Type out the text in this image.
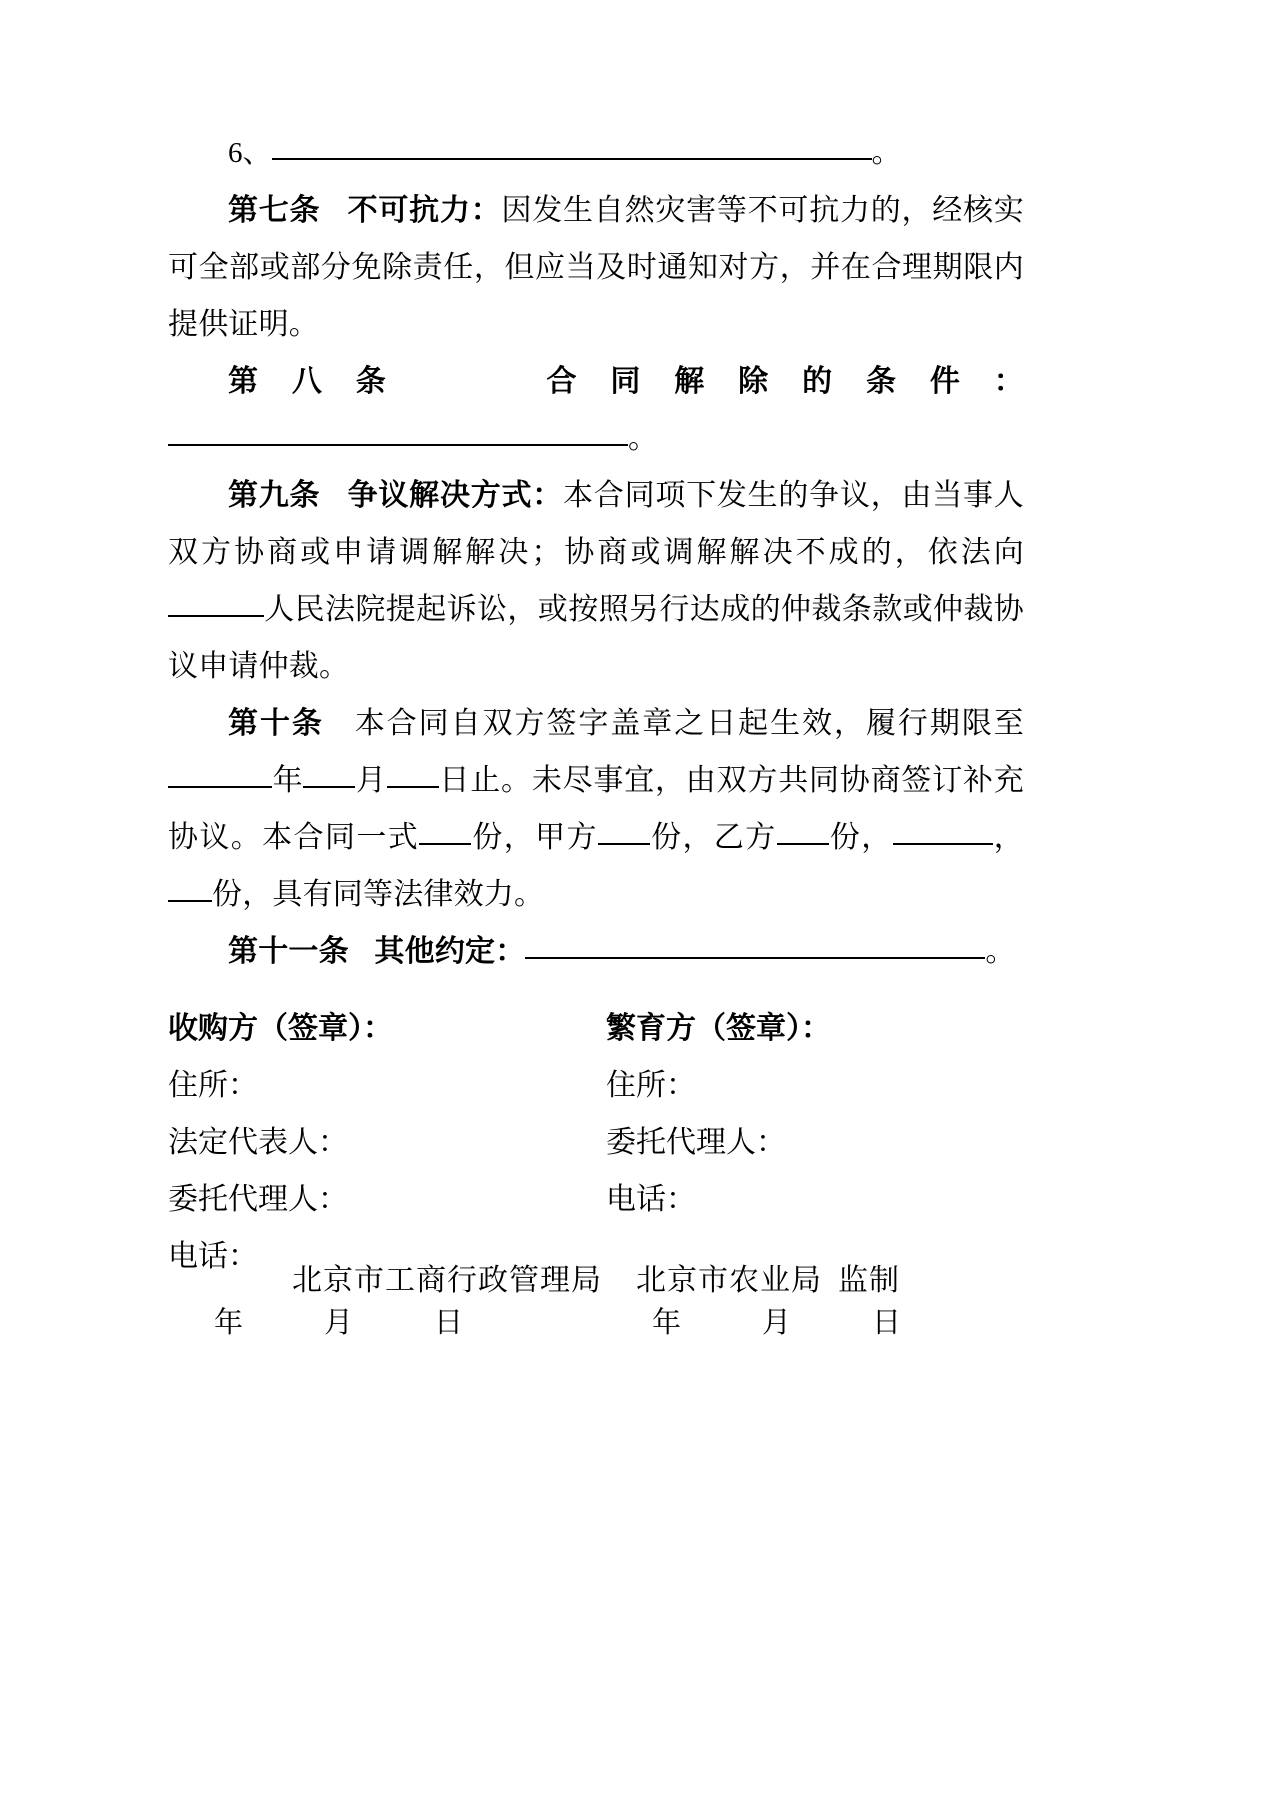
6、	。

第七条 不可抗力：因发生自然灾害等不可抗力的，经核实可全部或部分免除责任，但应当及时通知对方，并在合理期限内提供证明。

第八条	合同解除的条件：。

第九条 争议解决方式：本合同项下发生的争议，由当事人双方协商或申请调解解决；协商或调解解决不成的，依法向人民法院提起诉讼，或按照另行达成的仲裁条款或仲裁协议申请仲裁。

第十条 本合同自双方签字盖章之日起生效，履行期限至年 月 日止。未尽事宜，由双方共同协商签订补充协议。本合同一式 份，甲方 份，乙方 份，	，份，具有同等法律效力。

第十一条 其他约定：	。

收购方（签章）：	繁育方（签章）：
住所：	住所：
法定代表人：	委托代理人：
委托代理人：	电话：
电话：
年	月	日	年	月	日
北京市工商行政管理局 北京市农业局 监制
